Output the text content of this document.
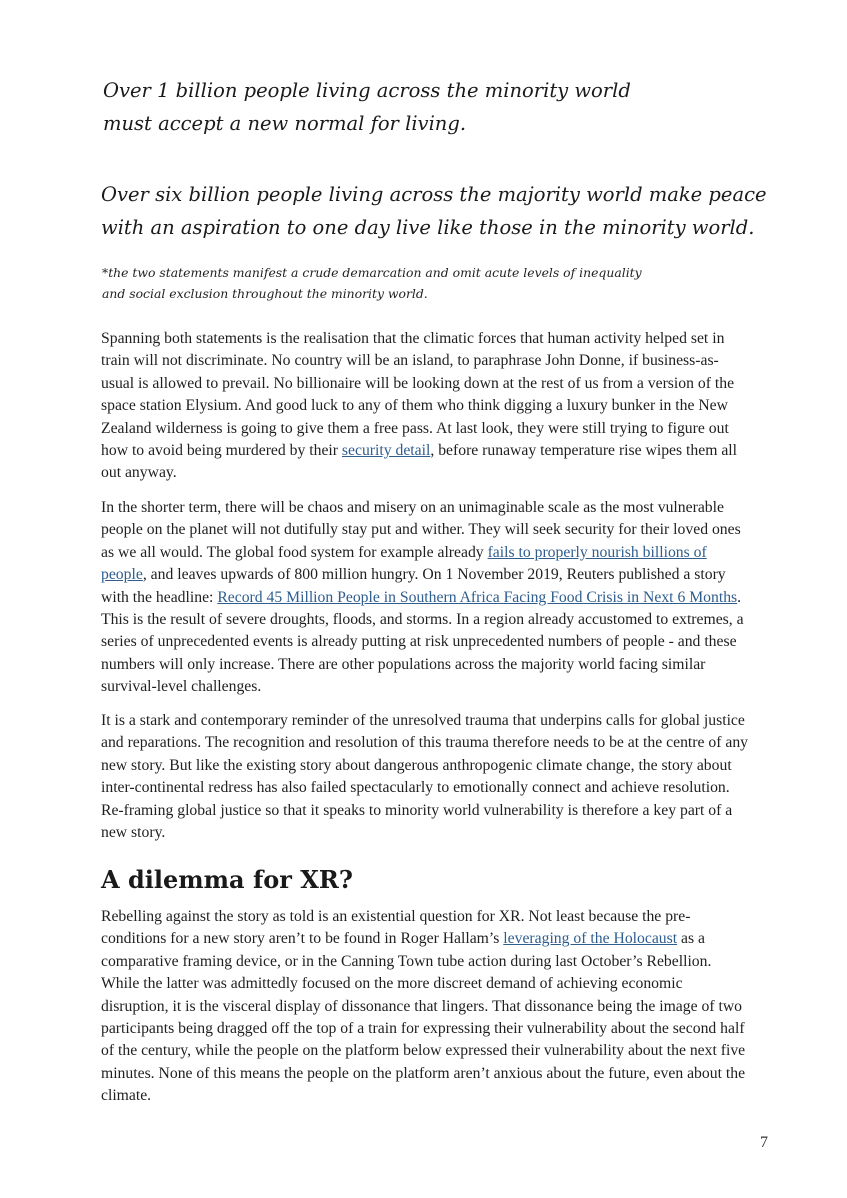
Over 1 billion people living across the minority world
must accept a new normal for living.

Over six billion people living across the majority world make peace
with an aspiration to one day live like those in the minority world.

*the two statements manifest a crude demarcation and omit acute levels of inequality
and social exclusion throughout the minority world.

Spanning both statements is the realisation that the climatic forces that human activity helped set in train will not discriminate. No country will be an island, to paraphrase John Donne, if business-as-usual is allowed to prevail. No billionaire will be looking down at the rest of us from a version of the space station Elysium. And good luck to any of them who think digging a luxury bunker in the New Zealand wilderness is going to give them a free pass. At last look, they were still trying to figure out how to avoid being murdered by their security detail, before runaway temperature rise wipes them all out anyway.

In the shorter term, there will be chaos and misery on an unimaginable scale as the most vulnerable people on the planet will not dutifully stay put and wither. They will seek security for their loved ones as we all would. The global food system for example already fails to properly nourish billions of people, and leaves upwards of 800 million hungry. On 1 November 2019, Reuters published a story with the headline: Record 45 Million People in Southern Africa Facing Food Crisis in Next 6 Months. This is the result of severe droughts, floods, and storms. In a region already accustomed to extremes, a series of unprecedented events is already putting at risk unprecedented numbers of people - and these numbers will only increase. There are other populations across the majority world facing similar survival-level challenges.

It is a stark and contemporary reminder of the unresolved trauma that underpins calls for global justice and reparations. The recognition and resolution of this trauma therefore needs to be at the centre of any new story. But like the existing story about dangerous anthropogenic climate change, the story about inter-continental redress has also failed spectacularly to emotionally connect and achieve resolution. Re-framing global justice so that it speaks to minority world vulnerability is therefore a key part of a new story.

A dilemma for XR?

Rebelling against the story as told is an existential question for XR. Not least because the pre-conditions for a new story aren’t to be found in Roger Hallam’s leveraging of the Holocaust as a comparative framing device, or in the Canning Town tube action during last October’s Rebellion. While the latter was admittedly focused on the more discreet demand of achieving economic disruption, it is the visceral display of dissonance that lingers. That dissonance being the image of two participants being dragged off the top of a train for expressing their vulnerability about the second half of the century, while the people on the platform below expressed their vulnerability about the next five minutes. None of this means the people on the platform aren’t anxious about the future, even about the climate.

7
